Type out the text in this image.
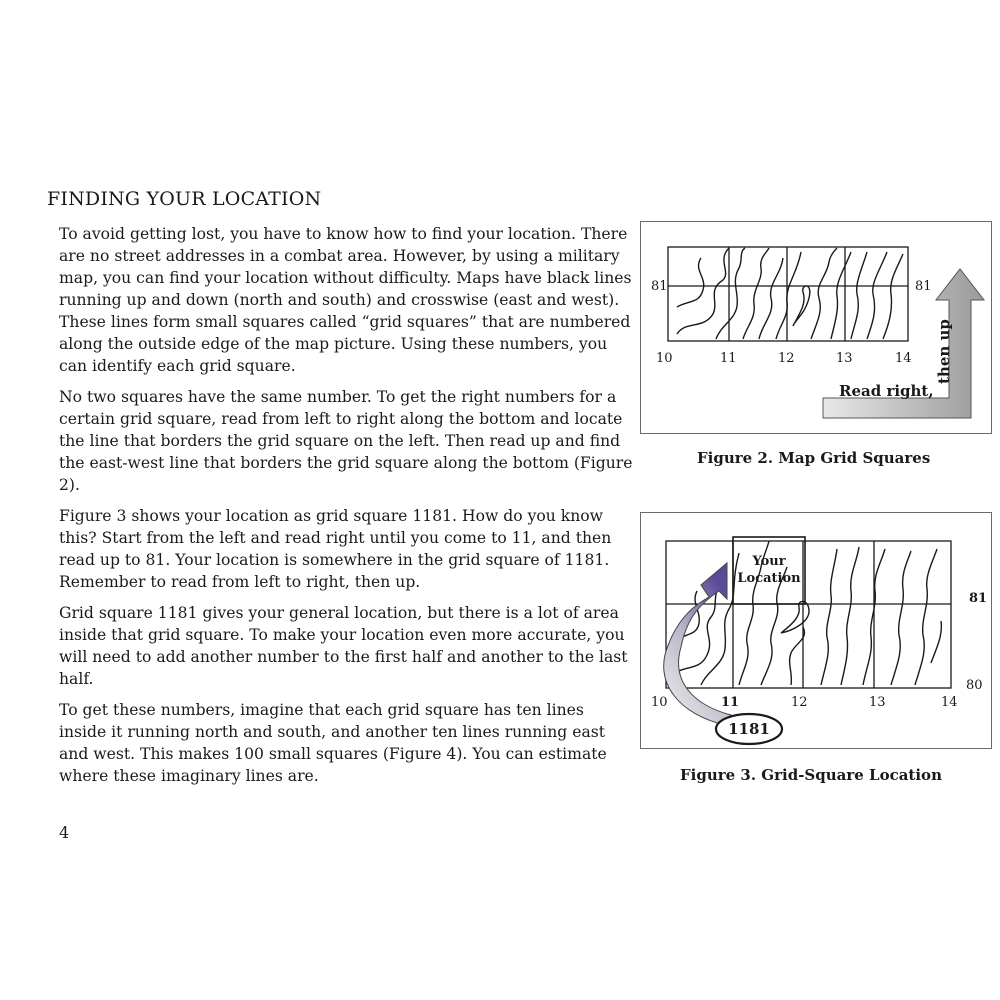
FINDING YOUR LOCATION

To avoid getting lost, you have to know how to find your location. There are no street addresses in a combat area. However, by using a military map, you can find your location without difficulty. Maps have black lines running up and down (north and south) and crosswise (east and west). These lines form small squares called “grid squares” that are numbered along the outside edge of the map picture. Using these numbers, you can identify each grid square.

No two squares have the same number. To get the right numbers for a certain grid square, read from left to right along the bottom and locate the line that borders the grid square on the left. Then read up and find the east-west line that borders the grid square along the bottom (Figure 2).

Figure 3 shows your location as grid square 1181. How do you know this? Start from the left and read right until you come to 11, and then read up to 81. Your location is somewhere in the grid square of 1181. Remember to read from left to right, then up.

Grid square 1181 gives your general location, but there is a lot of area inside that grid square. To make your location even more accurate, you will need to add another number to the first half and another to the last half.

To get these numbers, imagine that each grid square has ten lines inside it running north and south, and another ten lines running east and west. This makes 100 small squares (Figure 4). You can estimate where these imaginary lines are.

4
81	81
10	11	12	13	14
Read right,
then up
Figure 2. Map Grid Squares
1181
Your
Location
81
80
10	11	12	13	14
Figure 3. Grid-Square Location
